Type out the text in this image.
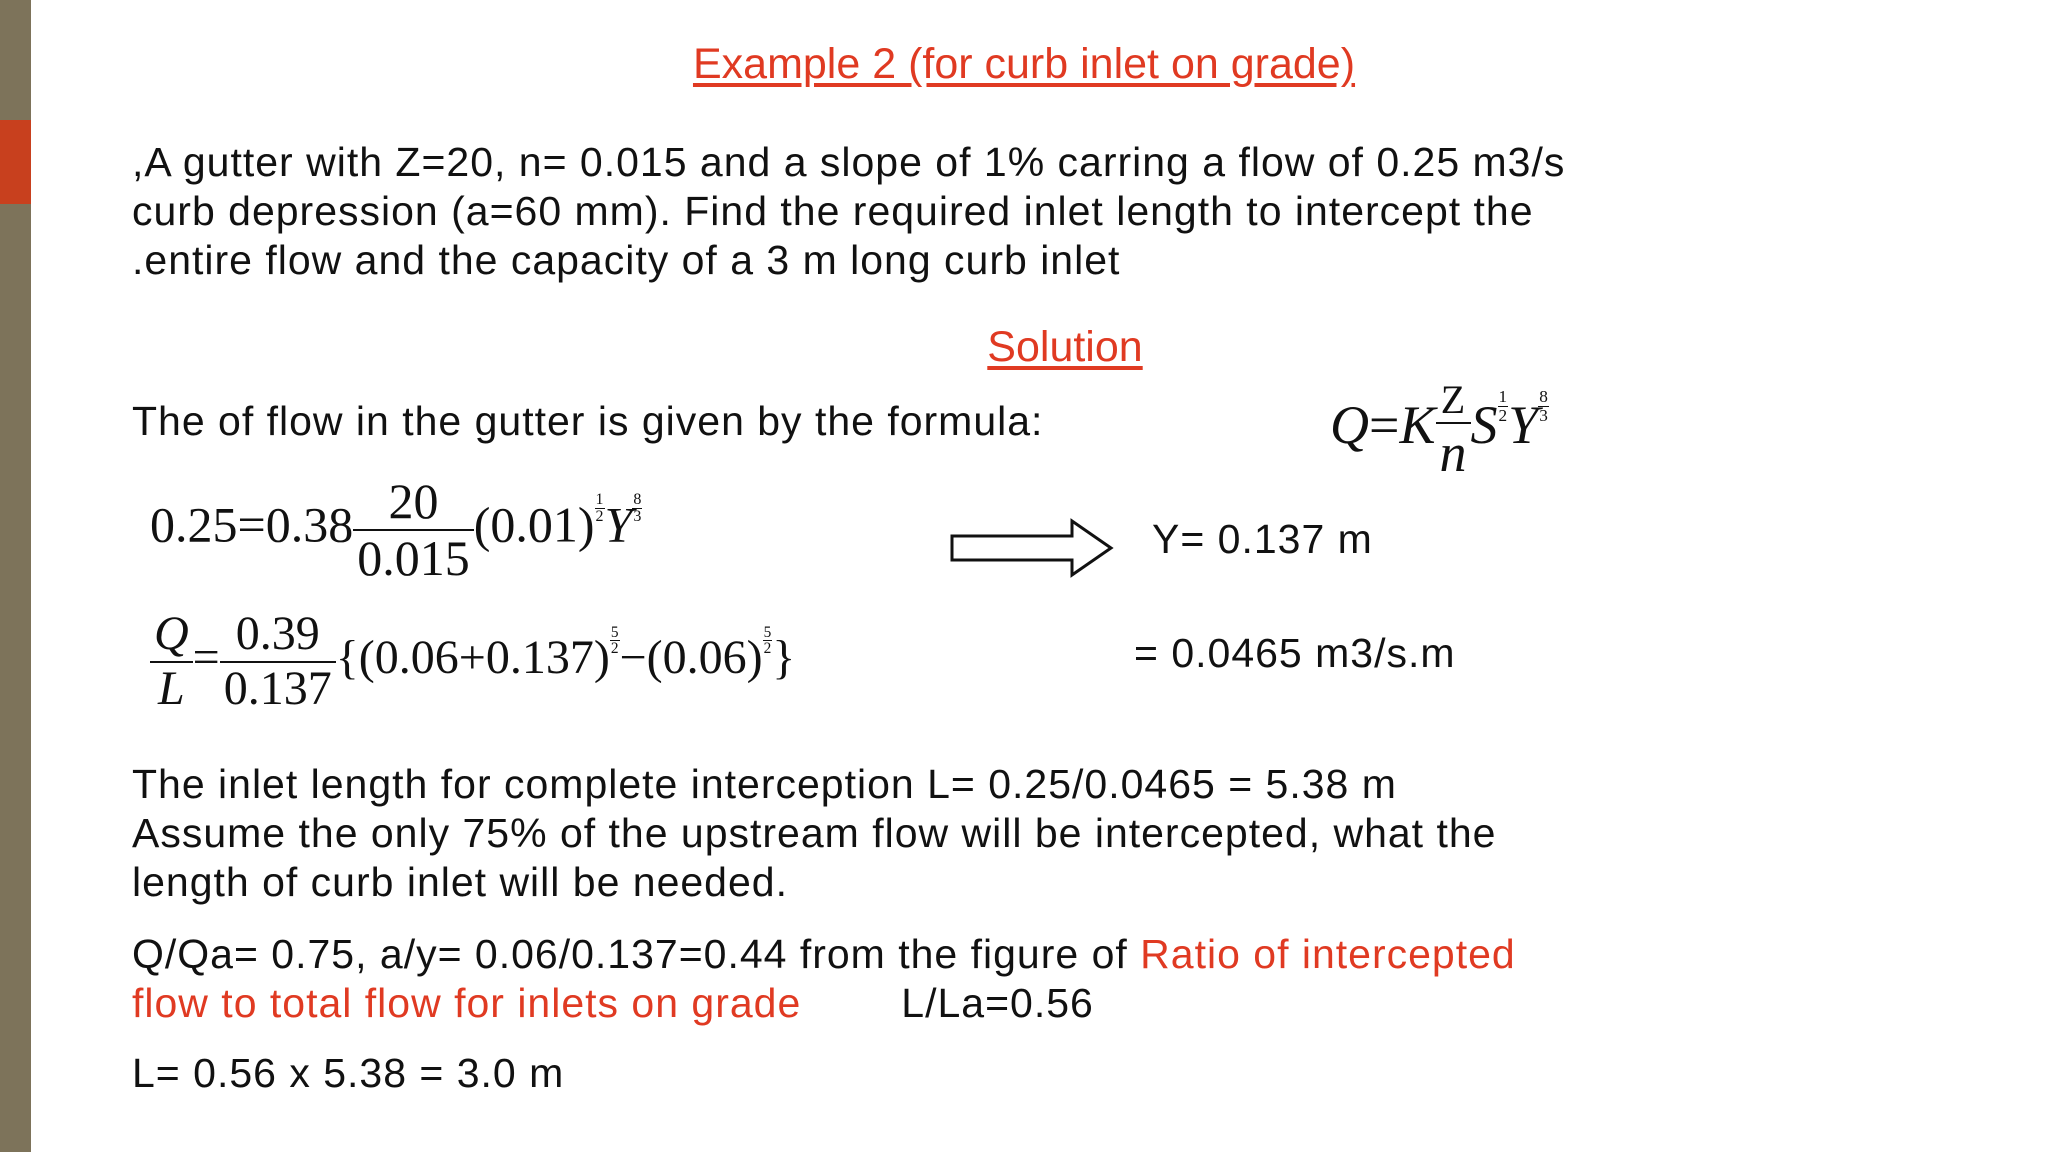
Example 2 (for curb inlet on grade)
,A gutter with Z=20, n= 0.015 and a slope of 1% carring a flow of 0.25 m3/s
curb depression (a=60 mm). Find the required inlet length to intercept the
.entire flow and the capacity of a 3 m long curb inlet
Solution
The of flow in the gutter is given by the formula:	$Q=K \frac{Z}{n}$ S $\frac{1}{2}$ Y $\frac{8}{3}$
$0.25=0.38 \frac{20}{0.015} (0.01) \frac{1}{2}$ Y $\frac{8}{3}$
Y= 0.137 m
$\frac{Q}{L} = \frac{0.39}{0.137} \{(0.06+0.137) \frac{5}{2} -(0.06) \frac{5}{2}$ }	= 0.0465 m3/s.m
The inlet length for complete interception L= 0.25/0.0465 = 5.38 m
Assume the only 75% of the upstream flow will be intercepted, what the
length of curb inlet will be needed.
Q/Qa= 0.75, a/y= 0.06/0.137=0.44 from the figure of Ratio of intercepted
flow to total flow for inlets on grade L/La=0.56
L= 0.56 x 5.38 = 3.0 m
